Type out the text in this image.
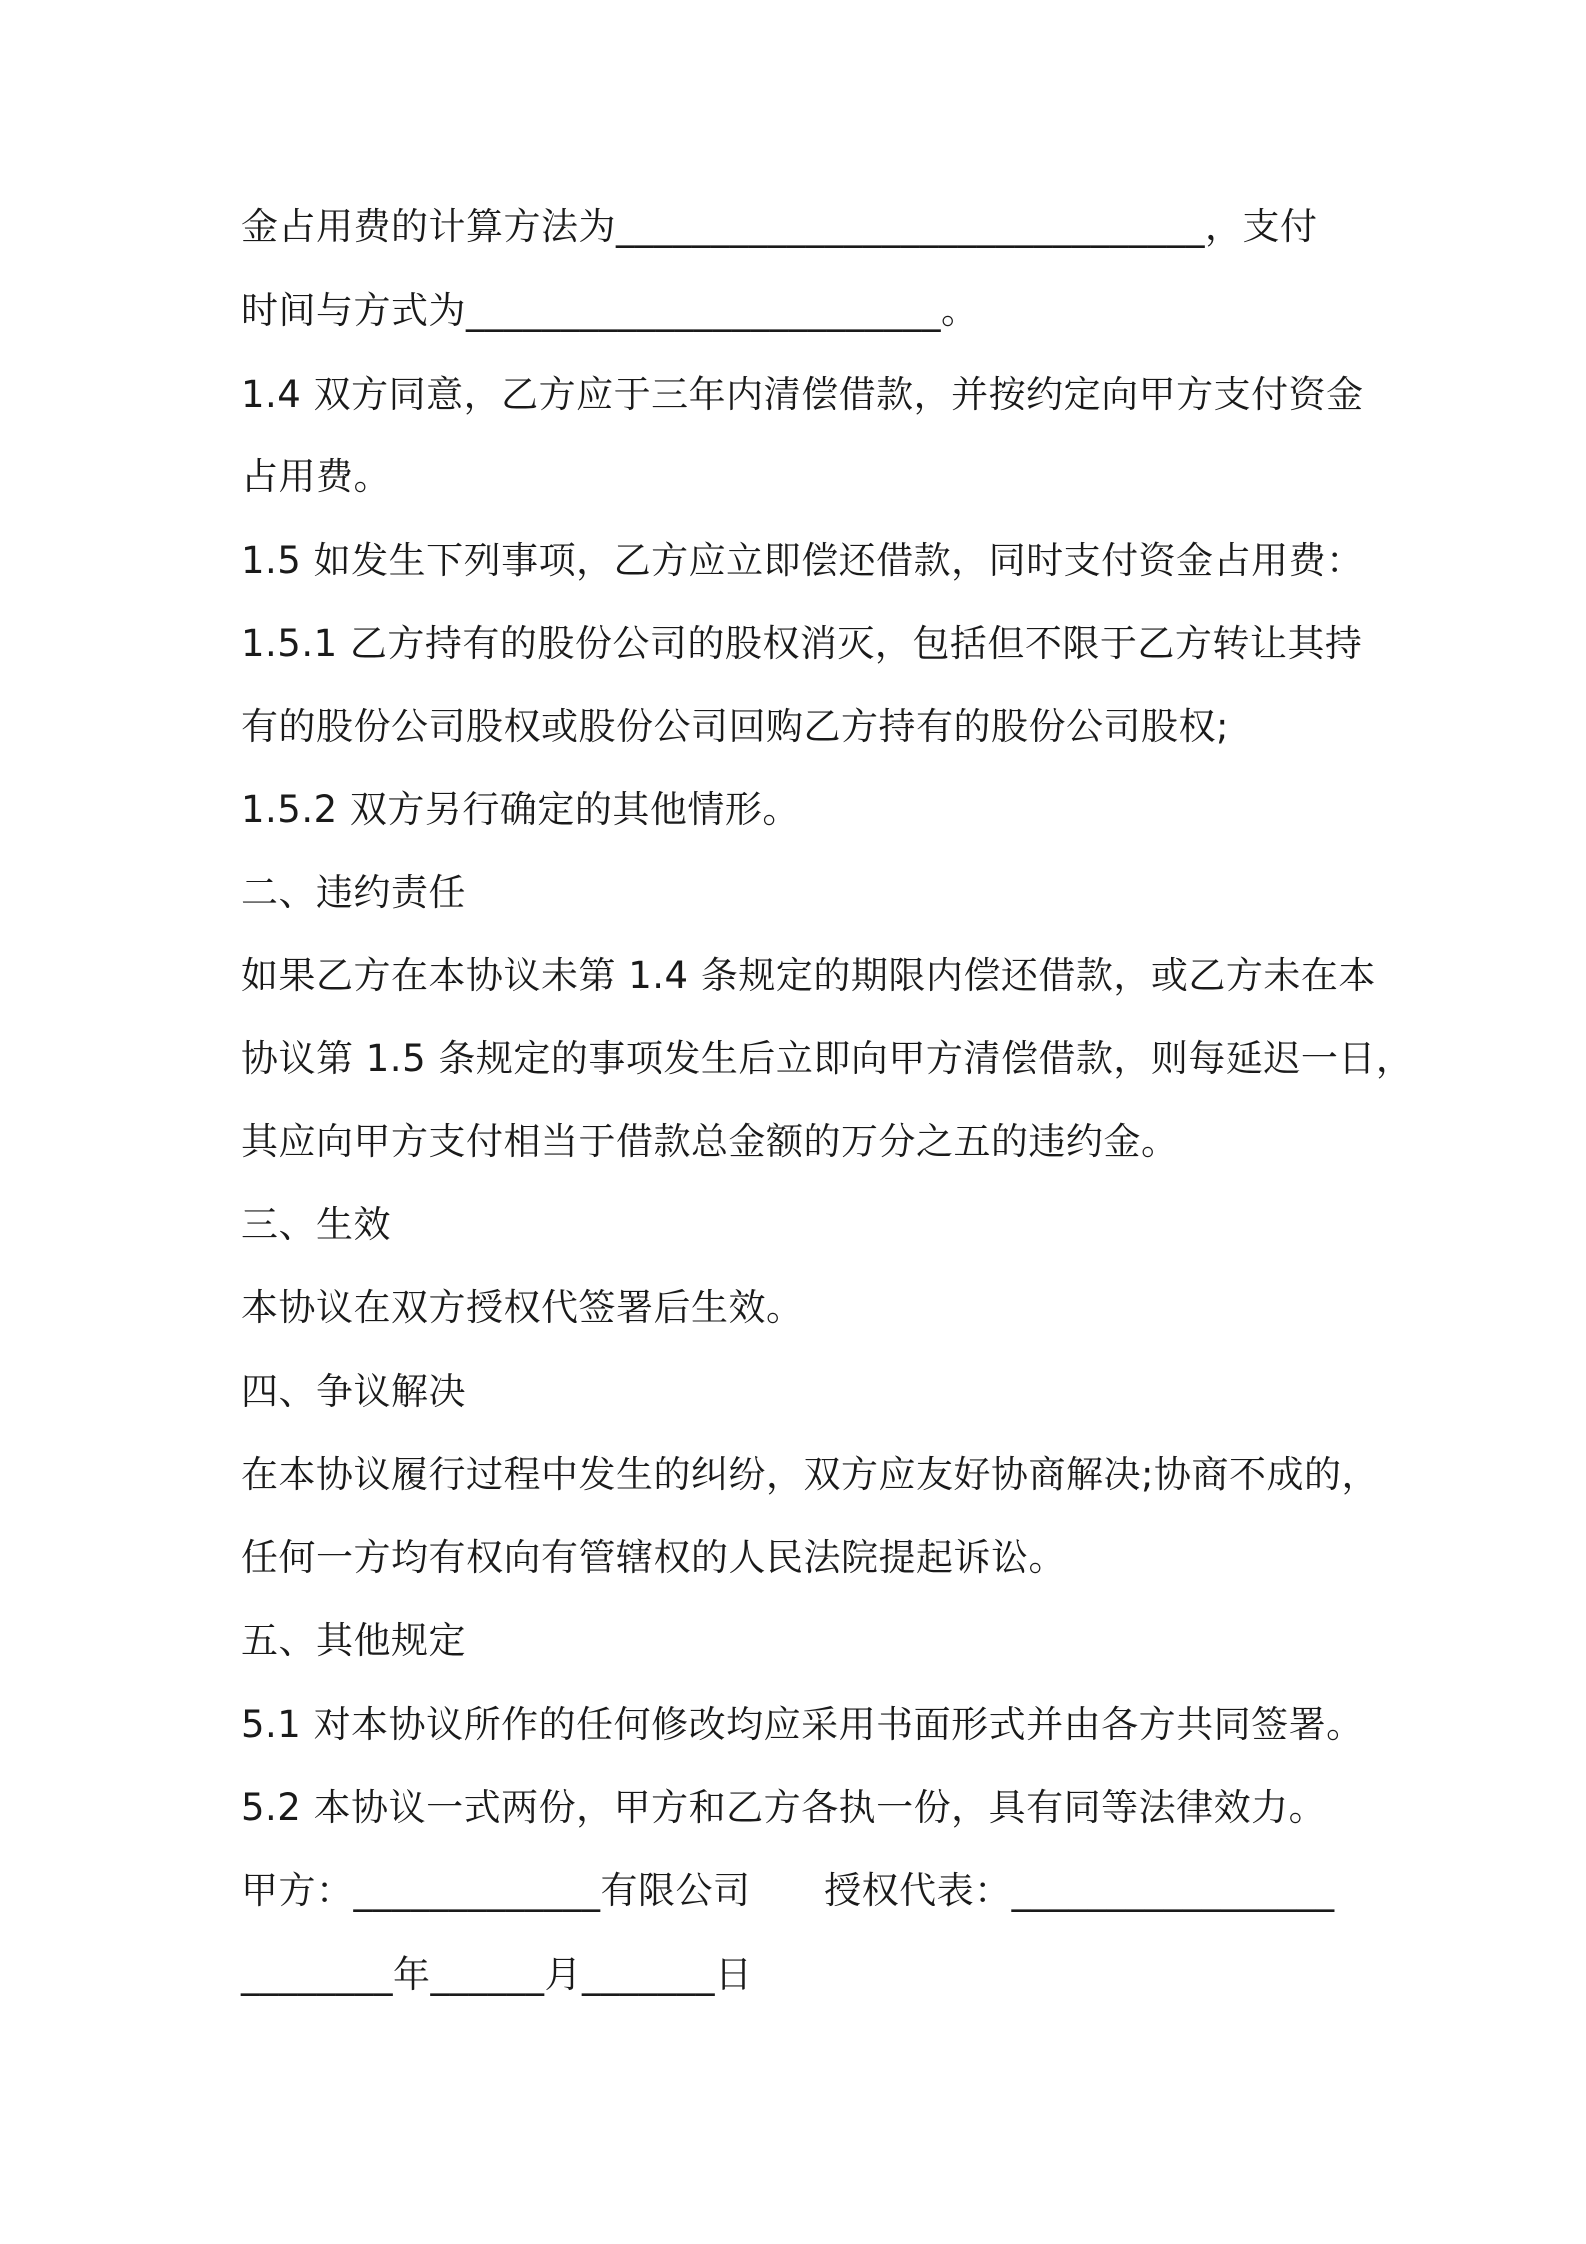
金占用费的计算方法为_______________________________，支付
时间与方式为_________________________。
1.4 双方同意，乙方应于三年内清偿借款，并按约定向甲方支付资金
占用费。
1.5 如发生下列事项，乙方应立即偿还借款，同时支付资金占用费：
1.5.1 乙方持有的股份公司的股权消灭，包括但不限于乙方转让其持
有的股份公司股权或股份公司回购乙方持有的股份公司股权;
1.5.2 双方另行确定的其他情形。
二、违约责任
如果乙方在本协议未第 1.4 条规定的期限内偿还借款，或乙方未在本
协议第 1.5 条规定的事项发生后立即向甲方清偿借款，则每延迟一日，
其应向甲方支付相当于借款总金额的万分之五的违约金。
三、生效
本协议在双方授权代签署后生效。
四、争议解决
在本协议履行过程中发生的纠纷，双方应友好协商解决;协商不成的，
任何一方均有权向有管辖权的人民法院提起诉讼。
五、其他规定
5.1 对本协议所作的任何修改均应采用书面形式并由各方共同签署。
5.2 本协议一式两份，甲方和乙方各执一份，具有同等法律效力。
甲方：_____________有限公司      授权代表：_________________
________年______月_______日
